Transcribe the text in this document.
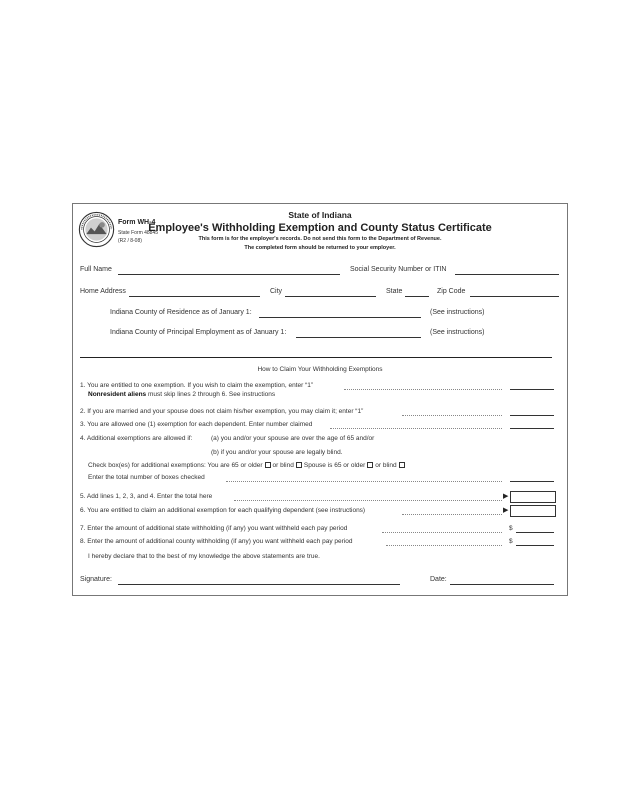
Form WH-4
State Form 48845
(R2 / 8-08)
State of Indiana
Employee's Withholding Exemption and County Status Certificate
This form is for the employer's records. Do not send this form to the Department of Revenue.
The completed form should be returned to your employer.
Full Name	Social Security Number or ITIN
Home Address	City	State	Zip Code
Indiana County of Residence as of January 1:	(See instructions)
Indiana County of Principal Employment as of January 1:	(See instructions)
How to Claim Your Withholding Exemptions
1. You are entitled to one exemption. If you wish to claim the exemption, enter “1”
Nonresident aliens must skip lines 2 through 6. See instructions
2. If you are married and your spouse does not claim his/her exemption, you may claim it; enter “1”
3. You are allowed one (1) exemption for each dependent. Enter number claimed
4. Additional exemptions are allowed if:	(a) you and/or your spouse are over the age of 65 and/or
(b) if you and/or your spouse are legally blind.
Check box(es) for additional exemptions: You are 65 or older or blind Spouse is 65 or older or blind
Enter the total number of boxes checked
5. Add lines 1, 2, 3, and 4. Enter the total here	▶
6. You are entitled to claim an additional exemption for each qualifying dependent (see instructions)	▶
7. Enter the amount of additional state withholding (if any) you want withheld each pay period	$
8. Enter the amount of additional county withholding (if any) you want withheld each pay period	$
I hereby declare that to the best of my knowledge the above statements are true.
Signature:	Date:
